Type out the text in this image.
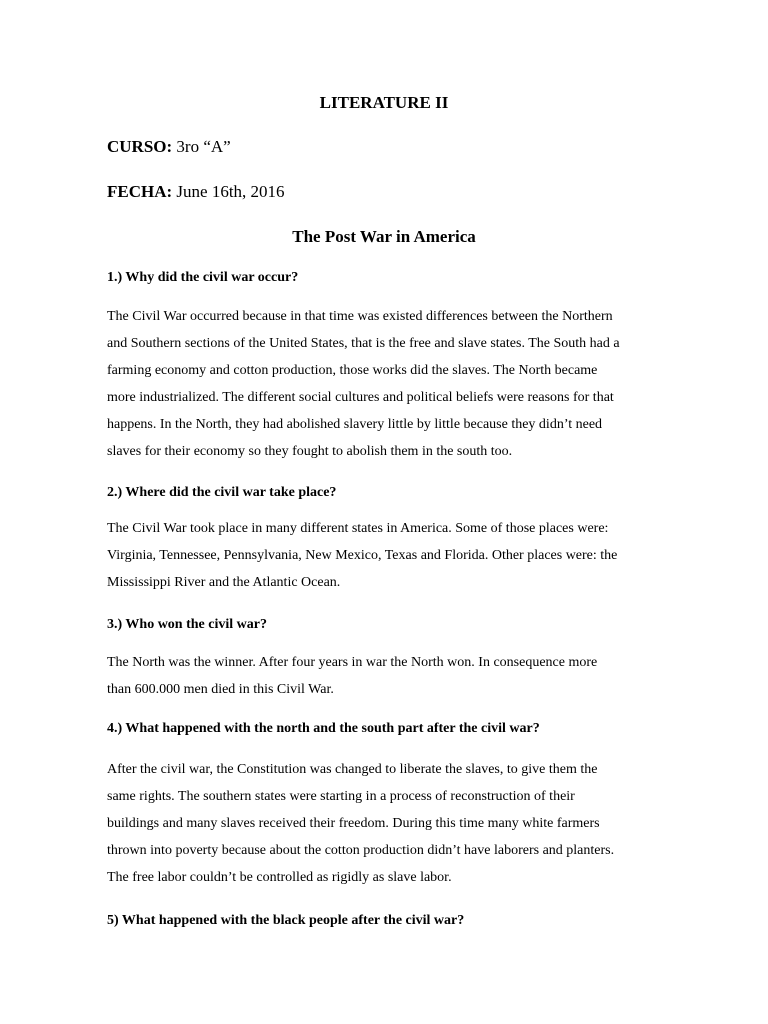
LITERATURE II
CURSO: 3ro “A”
FECHA: June 16th, 2016
The Post War in America
1.) Why did the civil war occur?
The Civil War occurred because in that time was existed differences between the Northern
and Southern sections of the United States, that is the free and slave states. The South had a
farming economy and cotton production, those works did the slaves. The North became
more industrialized. The different social cultures and political beliefs were reasons for that
happens. In the North, they had abolished slavery little by little because they didn’t need
slaves for their economy so they fought to abolish them in the south too.
2.) Where did the civil war take place?
The Civil War took place in many different states in America. Some of those places were:
Virginia, Tennessee, Pennsylvania, New Mexico, Texas and Florida. Other places were: the
Mississippi River and the Atlantic Ocean.
3.) Who won the civil war?
The North was the winner. After four years in war the North won. In consequence more
than 600.000 men died in this Civil War.
4.) What happened with the north and the south part after the civil war?
After the civil war, the Constitution was changed to liberate the slaves, to give them the
same rights. The southern states were starting in a process of reconstruction of their
buildings and many slaves received their freedom. During this time many white farmers
thrown into poverty because about the cotton production didn’t have laborers and planters.
The free labor couldn’t be controlled as rigidly as slave labor.
5) What happened with the black people after the civil war?
